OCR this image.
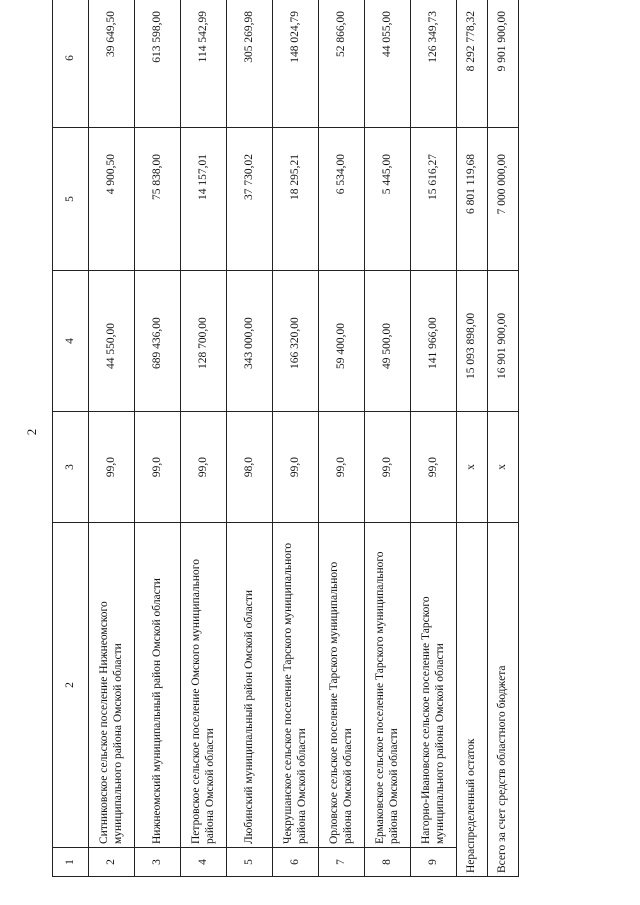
2
1	2	3	4	5	6
2	Ситниковское сельское поселение Нижнеомского муниципального района Омской области	99,0	44 550,00	4 900,50	39 649,50
3	Нижнеомский муниципальный район Омской области	99,0	689 436,00	75 838,00	613 598,00
4	Петровское сельское поселение Омского муниципального района Омской области	99,0	128 700,00	14 157,01	114 542,99
5	Любинский муниципальный район Омской области	98,0	343 000,00	37 730,02	305 269,98
6	Чекрушанское сельское поселение Тарского муниципального района Омской области	99,0	166 320,00	18 295,21	148 024,79
7	Орловское сельское поселение Тарского муниципального района Омской области	99,0	59 400,00	6 534,00	52 866,00
8	Ермаковское сельское поселение Тарского муниципального района Омской области	99,0	49 500,00	5 445,00	44 055,00
9	Нагорно-Ивановское сельское поселение Тарского муниципального района Омской области	99,0	141 966,00	15 616,27	126 349,73
Нераспределенный остаток		х	15 093 898,00	6 801 119,68	8 292 778,32
Всего за счет средств областного бюджета		х	16 901 900,00	7 000 000,00	9 901 900,00
